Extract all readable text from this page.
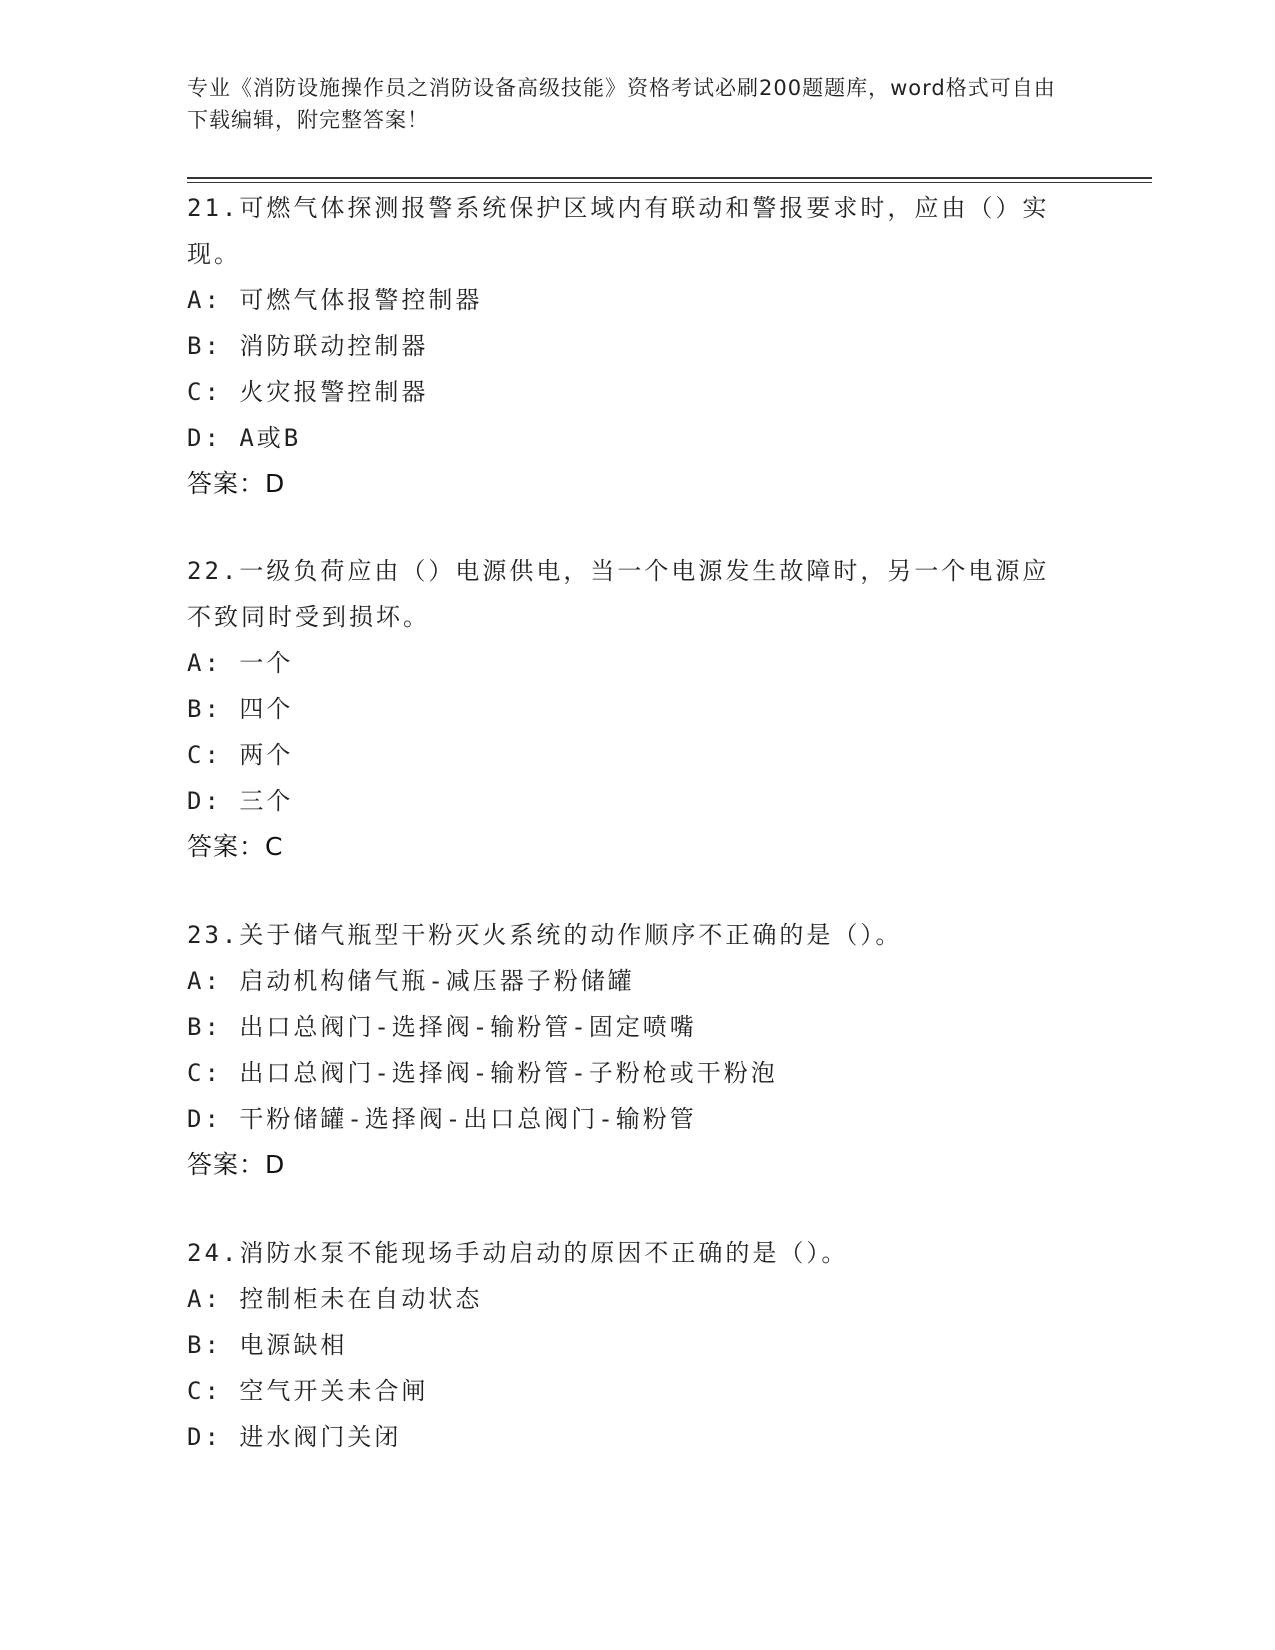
专业《消防设施操作员之消防设备高级技能》资格考试必刷200题题库，word格式可自由下载编辑，附完整答案！
21.可燃气体探测报警系统保护区域内有联动和警报要求时，应由（）实现。
A: 可燃气体报警控制器
B: 消防联动控制器
C: 火灾报警控制器
D: A或B
答案：D
22.一级负荷应由（）电源供电，当一个电源发生故障时，另一个电源应不致同时受到损坏。
A: 一个
B: 四个
C: 两个
D: 三个
答案：C
23.关于储气瓶型干粉灭火系统的动作顺序不正确的是（）。
A: 启动机构储气瓶-减压器子粉储罐
B: 出口总阀门-选择阀-输粉管-固定喷嘴
C: 出口总阀门-选择阀-输粉管-子粉枪或干粉泡
D: 干粉储罐-选择阀-出口总阀门-输粉管
答案：D
24.消防水泵不能现场手动启动的原因不正确的是（）。
A: 控制柜未在自动状态
B: 电源缺相
C: 空气开关未合闸
D: 进水阀门关闭
